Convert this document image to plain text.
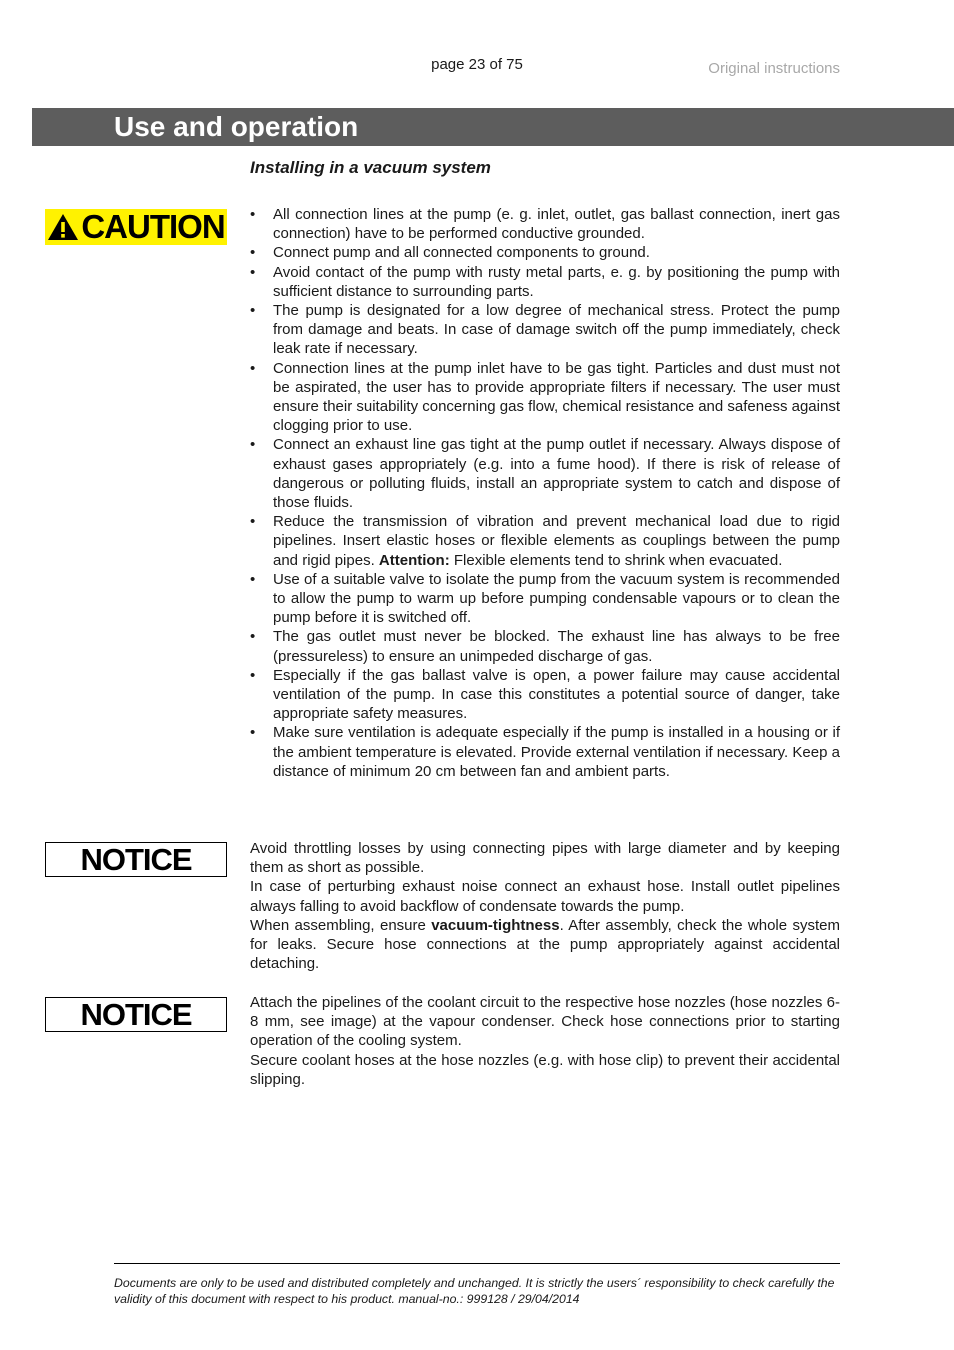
page 23 of 75	Original instructions
Use and operation
Installing in a vacuum system
CAUTION
•	All connection lines at the pump (e. g. inlet, outlet, gas ballast connection, inert gas connection) have to be performed conductive grounded.
• Connect pump and all connected components to ground.
• Avoid contact of the pump with rusty metal parts, e. g. by positioning the pump with sufficient distance to surrounding parts.
• The pump is designated for a low degree of mechanical stress. Protect the pump from damage and beats. In case of damage switch off the pump immediately, check leak rate if necessary.
• Connection lines at the pump inlet have to be gas tight. Particles and dust must not be aspirated, the user has to provide appropriate filters if necessary. The user must ensure their suitability concerning gas flow, chemical resistance and safeness against clogging prior to use.
• Connect an exhaust line gas tight at the pump outlet if necessary. Always dispose of exhaust gases appropriately (e.g. into a fume hood). If there is risk of release of dangerous or polluting fluids, install an appropriate system to catch and dispose of those fluids.
• Reduce the transmission of vibration and prevent mechanical load due to rigid pipelines. Insert elastic hoses or flexible elements as couplings between the pump and rigid pipes. Attention: Flexible elements tend to shrink when evacuated.
• Use of a suitable valve to isolate the pump from the vacuum system is recommended to allow the pump to warm up before pumping condensable vapours or to clean the pump before it is switched off.
• The gas outlet must never be blocked. The exhaust line has always to be free (pressureless) to ensure an unimpeded discharge of gas.
• Especially if the gas ballast valve is open, a power failure may cause accidental ventilation of the pump. In case this constitutes a potential source of danger, take appropriate safety measures.
• Make sure ventilation is adequate especially if the pump is installed in a housing or if the ambient temperature is elevated. Provide external ventilation if necessary. Keep a distance of minimum 20 cm between fan and ambient parts.
NOTICE	Avoid throttling losses by using connecting pipes with large diameter and by keeping them as short as possible.

In case of perturbing exhaust noise connect an exhaust hose. Install outlet pipelines always falling to avoid backflow of condensate towards the pump.

When assembling, ensure vacuum-tightness. After assembly, check the whole system for leaks. Secure hose connections at the pump appropriately against accidental detaching.

NOTICE	Attach the pipelines of the coolant circuit to the respective hose nozzles (hose nozzles 6-8 mm, see image) at the vapour condenser. Check hose connections prior to starting operation of the cooling system.

Secure coolant hoses at the hose nozzles (e.g. with hose clip) to prevent their accidental slipping.

Documents are only to be used and distributed completely and unchanged. It is strictly the users´ responsibility to check carefully the validity of this document with respect to his product. manual-no.: 999128 / 29/04/2014
